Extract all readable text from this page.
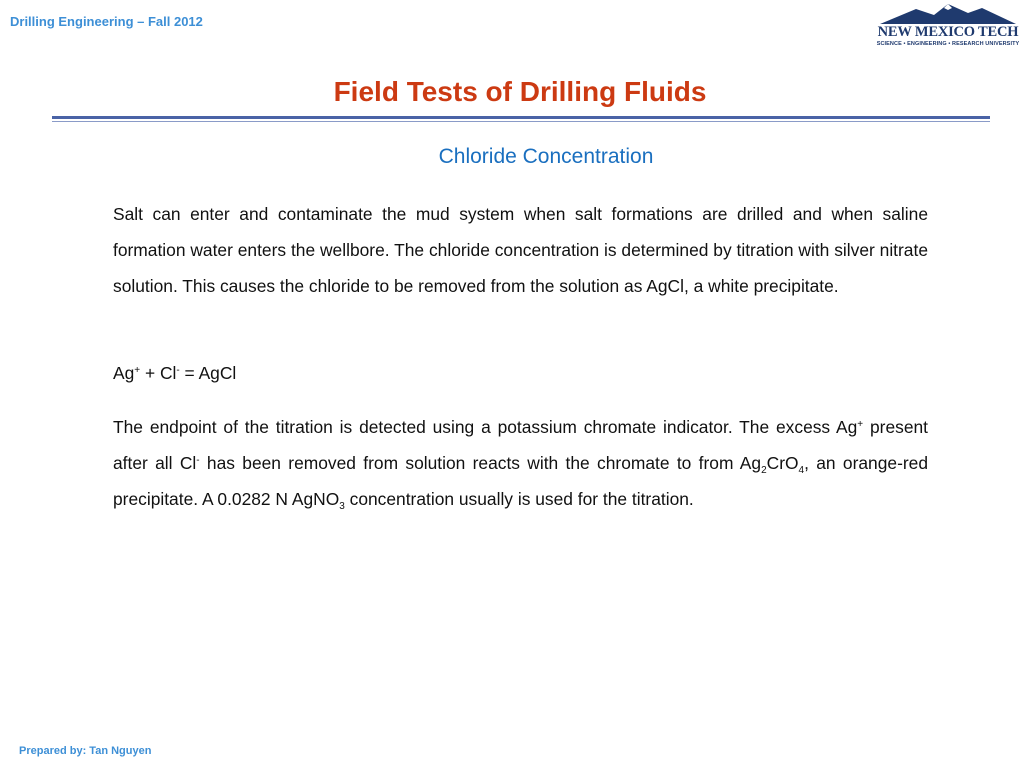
Drilling Engineering – Fall 2012
NEW MEXICO TECH
SCIENCE • ENGINEERING • RESEARCH UNIVERSITY
Field Tests of Drilling Fluids
Chloride Concentration
Salt can enter and contaminate the mud system when salt formations are drilled and when saline formation water enters the wellbore. The chloride concentration is determined by titration with silver nitrate solution. This causes the chloride to be removed from the solution as AgCl, a white precipitate.
Ag+ + Cl- = AgCl
The endpoint of the titration is detected using a potassium chromate indicator. The excess Ag+ present after all Cl- has been removed from solution reacts with the chromate to from $Ag_2CrO_4$, an orange-red precipitate. A 0.0282 N AgNO$_3$ concentration usually is used for the titration.
Prepared by: Tan Nguyen
